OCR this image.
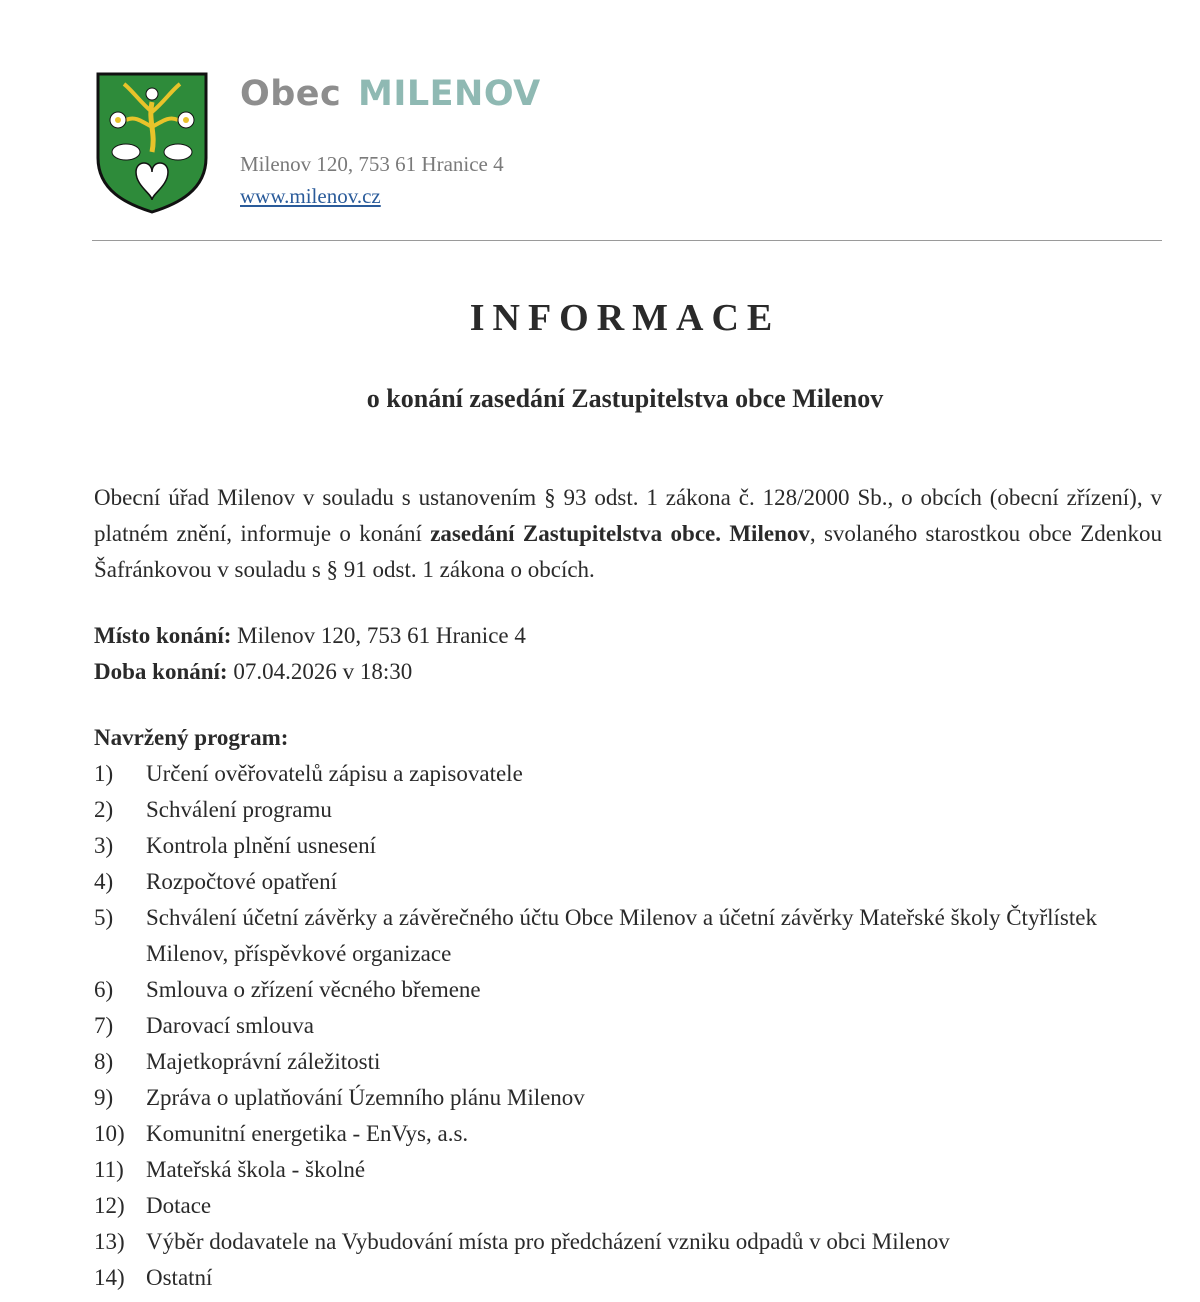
Obec MILENOV
Milenov 120, 753 61 Hranice 4
www.milenov.cz
INFORMACE
o konání zasedání Zastupitelstva obce Milenov
Obecní úřad Milenov v souladu s ustanovením § 93 odst. 1 zákona č. 128/2000 Sb., o obcích (obecní zřízení), v platném znění, informuje o konání zasedání Zastupitelstva obce. Milenov, svolaného starostkou obce Zdenkou Šafránkovou v souladu s § 91 odst. 1 zákona o obcích.
Místo konání: Milenov 120, 753 61 Hranice 4
Doba konání: 07.04.2026 v 18:30
Navržený program:
1)	Určení ověřovatelů zápisu a zapisovatele
2)	Schválení programu
3)	Kontrola plnění usnesení
4)	Rozpočtové opatření
5)	Schválení účetní závěrky a závěrečného účtu Obce Milenov a účetní závěrky Mateřské školy Čtyřlístek Milenov, příspěvkové organizace
6)	Smlouva o zřízení věcného břemene
7)	Darovací smlouva
8)	Majetkoprávní záležitosti
9)	Zpráva o uplatňování Územního plánu Milenov
10) Komunitní energetika - EnVys, a.s.
11) Mateřská škola - školné
12) Dotace
13) Výběr dodavatele na Vybudování místa pro předcházení vzniku odpadů v obci Milenov
14) Ostatní
